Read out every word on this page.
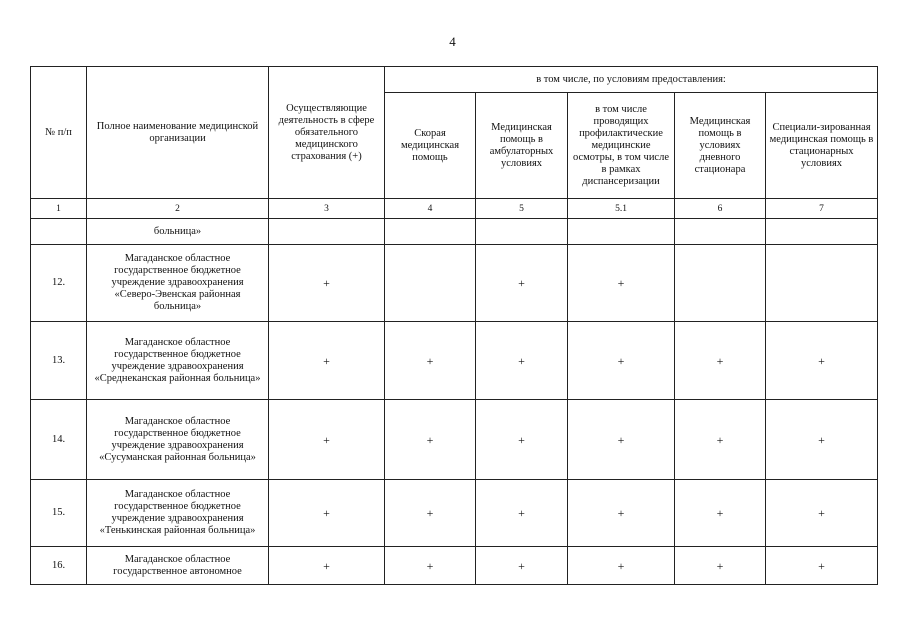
4
№ п/п	Полное наименование медицинской организации	Осуществляющие деятельность в сфере обязательного медицинского страхования (+)	в том числе, по условиям предоставления:				
			Скорая медицинская помощь	Медицинская помощь в амбулаторных условиях	в том числе проводящих профилактические медицинские осмотры, в том числе в рамках диспансеризации	Медицинская помощь в условиях дневного стационара	Специали-зированная медицинская помощь в стационарных условиях
1	2	3	4	5	5.1	6	7
	больница»						
12.	Магаданское областное государственное бюджетное учреждение здравоохранения «Северо-Эвенская районная больница»	+		+	+		
13.	Магаданское областное государственное бюджетное учреждение здравоохранения «Среднеканская районная больница»	+	+	+	+	+	+
14.	Магаданское областное государственное бюджетное учреждение здравоохранения «Сусуманская районная больница»	+	+	+	+	+	+
15.	Магаданское областное государственное бюджетное учреждение здравоохранения «Тенькинская районная больница»	+	+	+	+	+	+
16.	Магаданское областное государственное автономное	+	+	+	+	+	+
